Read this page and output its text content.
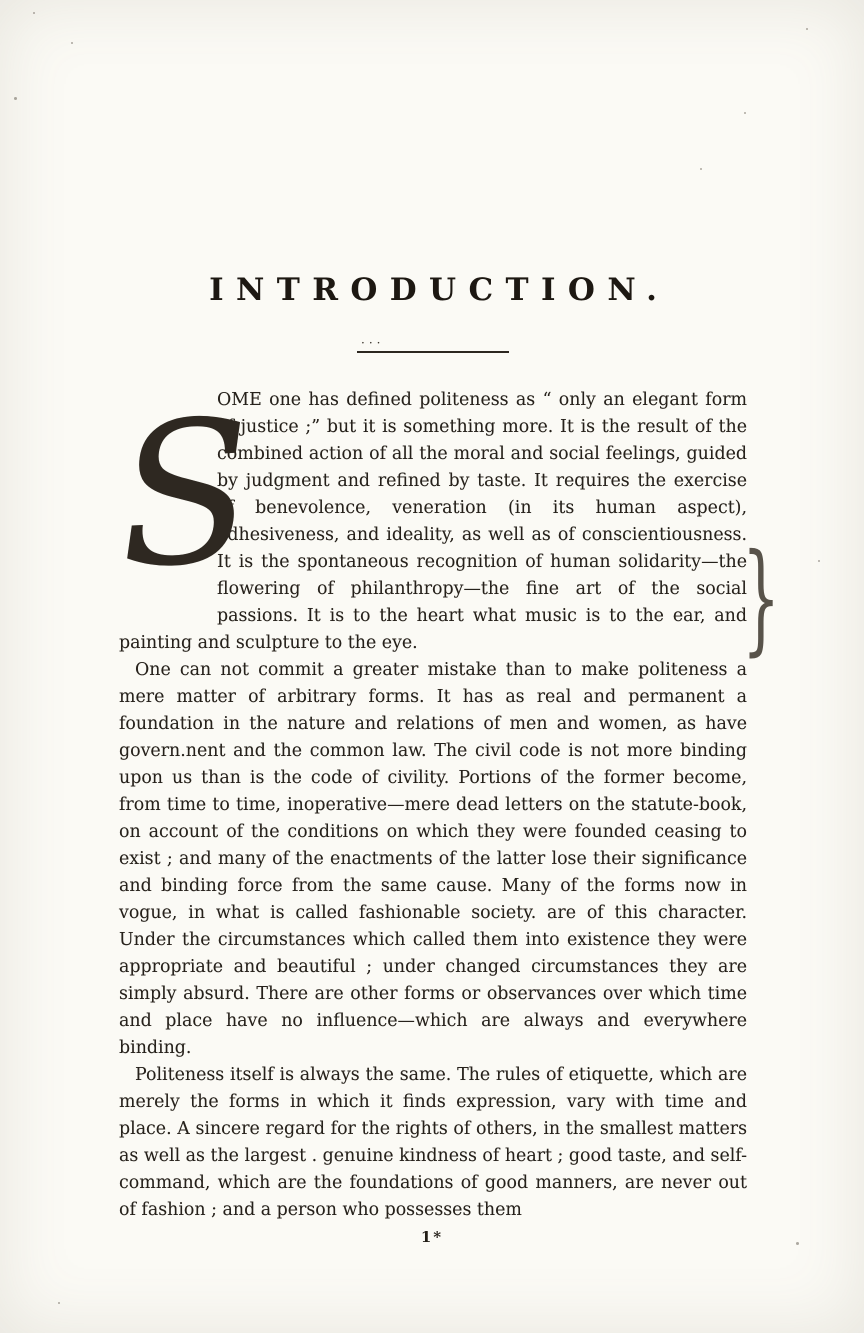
INTRODUCTION.
···

S
OME one has defined politeness as “ only an elegant form of justice ;” but it is something more. It is the result of the combined action of all the moral and social feelings, guided by judgment and refined by taste. It requires the exercise of benevolence, veneration (in its human aspect), adhesiveness, and ideality, as well as of conscientiousness. It is the spontaneous recognition of human solidarity—the flowering of philanthropy—the fine art of the social passions. It is to the heart what music is to the ear, and painting and sculpture to the eye.

One can not commit a greater mistake than to make politeness a mere matter of arbitrary forms. It has as real and permanent a foundation in the nature and relations of men and women, as have govern.nent and the common law. The civil code is not more binding upon us than is the code of civility. Portions of the former become, from time to time, inoperative—mere dead letters on the statute-book, on account of the conditions on which they were founded ceasing to exist ; and many of the enactments of the latter lose their significance and binding force from the same cause. Many of the forms now in vogue, in what is called fashionable society. are of this character. Under the circumstances which called them into existence they were appropriate and beautiful ; under changed circumstances they are simply absurd. There are other forms or observances over which time and place have no influence—which are always and everywhere binding.

Politeness itself is always the same. The rules of etiquette, which are merely the forms in which it finds expression, vary with time and place. A sincere regard for the rights of others, in the smallest matters as well as the largest . genuine kindness of heart ; good taste, and self-command, which are the foundations of good manners, are never out of fashion ; and a person who possesses them

}
1*
